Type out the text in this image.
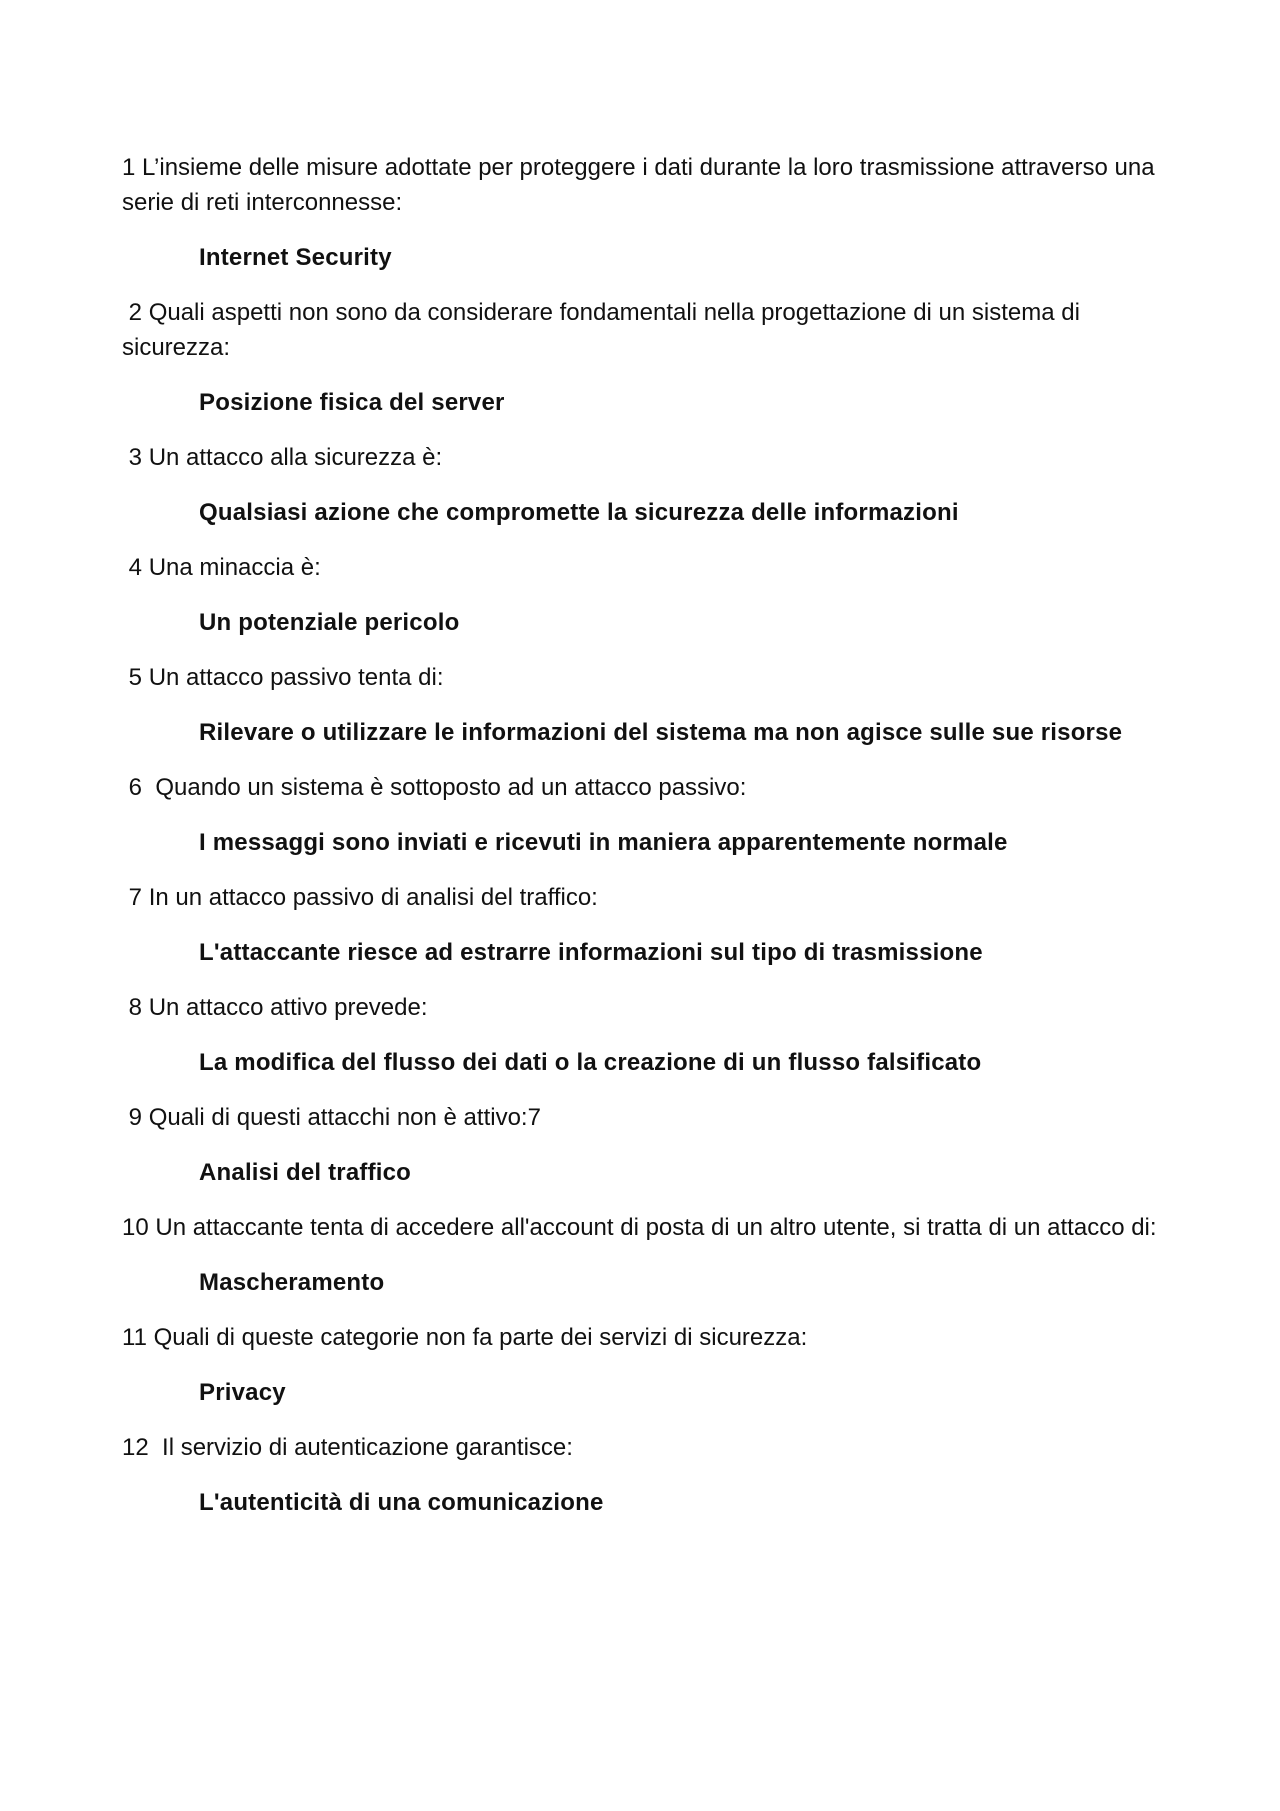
1 L’insieme delle misure adottate per proteggere i dati durante la loro trasmissione attraverso una serie di reti interconnesse:

Internet Security

2 Quali aspetti non sono da considerare fondamentali nella progettazione di un sistema di sicurezza:

Posizione fisica del server

3 Un attacco alla sicurezza è:

Qualsiasi azione che compromette la sicurezza delle informazioni

4 Una minaccia è:

Un potenziale pericolo

5 Un attacco passivo tenta di:

Rilevare o utilizzare le informazioni del sistema ma non agisce sulle sue risorse

6  Quando un sistema è sottoposto ad un attacco passivo:

I messaggi sono inviati e ricevuti in maniera apparentemente normale

7 In un attacco passivo di analisi del traffico:

L'attaccante riesce ad estrarre informazioni sul tipo di trasmissione

8 Un attacco attivo prevede:

La modifica del flusso dei dati o la creazione di un flusso falsificato

9 Quali di questi attacchi non è attivo:7

Analisi del traffico

10 Un attaccante tenta di accedere all'account di posta di un altro utente, si tratta di un attacco di:

Mascheramento

11 Quali di queste categorie non fa parte dei servizi di sicurezza:

Privacy

12  Il servizio di autenticazione garantisce:

L'autenticità di una comunicazione
